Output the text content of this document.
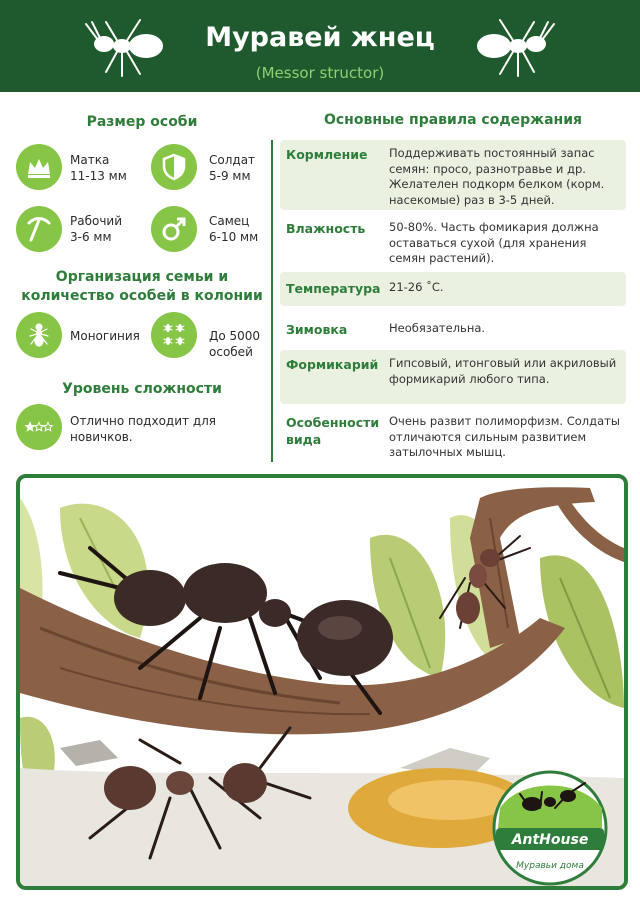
Муравей жнец
(Messor structor)
Размер особи
Матка
11-13 мм
Солдат
5-9 мм
Рабочий
3-6 мм
Самец
6-10 мм
Организация семьи и количество особей в колонии
Моногиния	До 5000 особей
Уровень сложности
Отлично подходит для новичков.
Основные правила содержания
Кормление Поддерживать постоянный запас семян: просо, разнотравье и др. Желателен подкорм белком (корм. насекомые) раз в 3-5 дней.
Влажность 50-80%. Часть фомикария должна оставаться сухой (для хранения семян растений).
Температура 21-26 ˚С.
Зимовка	Необязательна.
Формикарий Гипсовый, итонговый или акриловый формикарий любого типа.
Особенности вида
Очень развит полиморфизм. Солдаты отличаются сильным развитием затылочных мышц.
AntHouse
Муравьи дома
